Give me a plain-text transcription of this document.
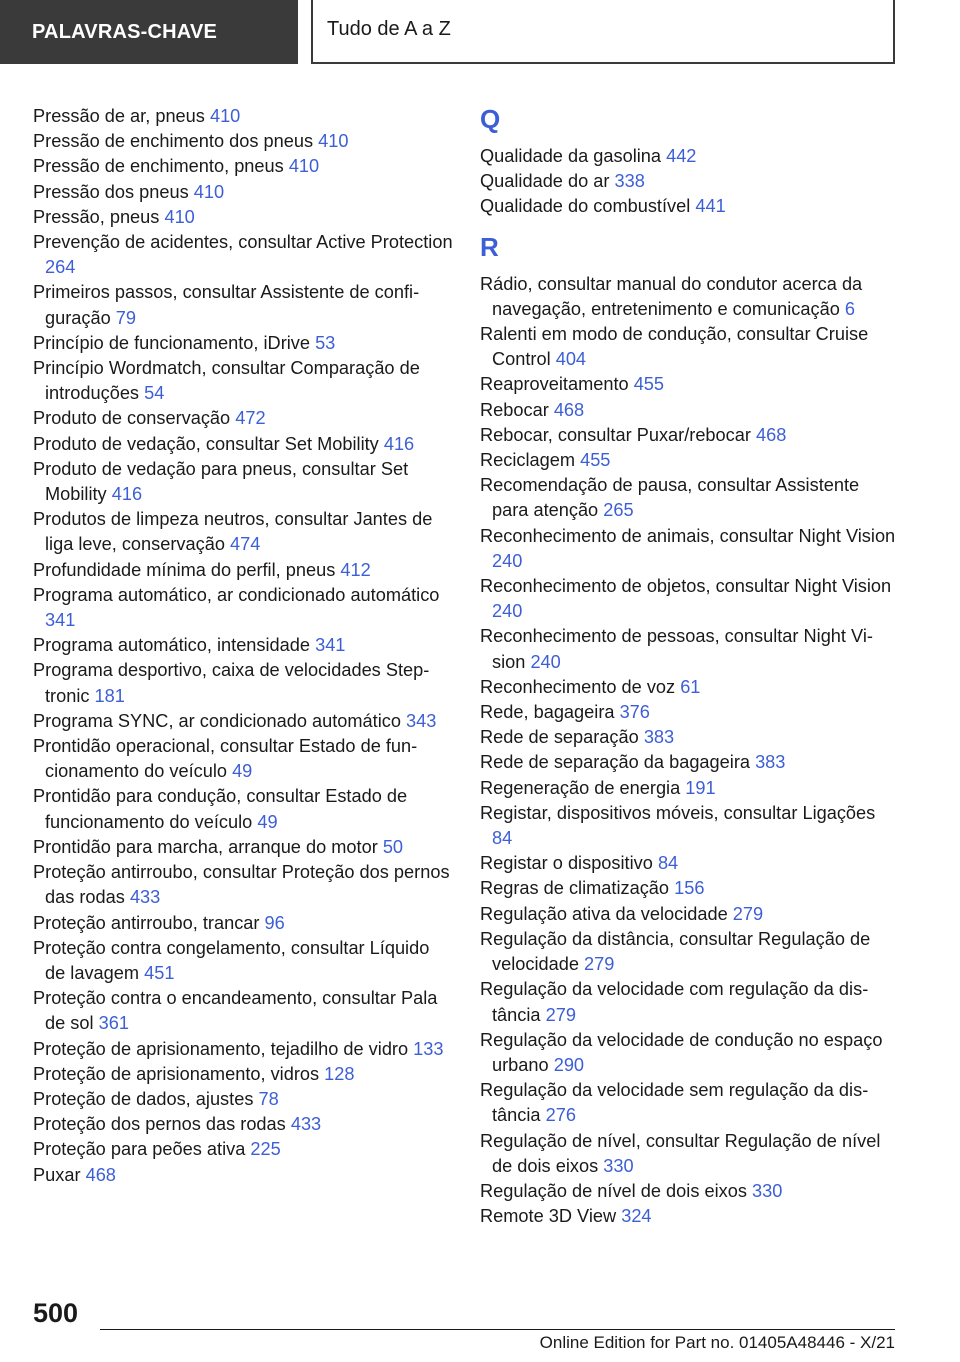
PALAVRAS-CHAVE	Tudo de A a Z
Pressão de ar, pneus 410
Pressão de enchimento dos pneus 410
Pressão de enchimento, pneus 410
Pressão dos pneus 410
Pressão, pneus 410
Prevenção de acidentes, consultar Active Protection 264
Primeiros passos, consultar Assistente de configuração 79
Princípio de funcionamento, iDrive 53
Princípio Wordmatch, consultar Comparação de introduções 54
Produto de conservação 472
Produto de vedação, consultar Set Mobility 416
Produto de vedação para pneus, consultar Set Mobility 416
Produtos de limpeza neutros, consultar Jantes de liga leve, conservação 474
Profundidade mínima do perfil, pneus 412
Programa automático, ar condicionado automático 341
Programa automático, intensidade 341
Programa desportivo, caixa de velocidades Steptronic 181
Programa SYNC, ar condicionado automático 343
Prontidão operacional, consultar Estado de funcionamento do veículo 49
Prontidão para condução, consultar Estado de funcionamento do veículo 49
Prontidão para marcha, arranque do motor 50
Proteção antirroubo, consultar Proteção dos pernos das rodas 433
Proteção antirroubo, trancar 96
Proteção contra congelamento, consultar Líquido de lavagem 451
Proteção contra o encandeamento, consultar Pala de sol 361
Proteção de aprisionamento, tejadilho de vidro 133
Proteção de aprisionamento, vidros 128
Proteção de dados, ajustes 78
Proteção dos pernos das rodas 433
Proteção para peões ativa 225
Puxar 468
Q
Qualidade da gasolina 442
Qualidade do ar 338
Qualidade do combustível 441
R
Rádio, consultar manual do condutor acerca da navegação, entretenimento e comunicação 6
Ralenti em modo de condução, consultar Cruise Control 404
Reaproveitamento 455
Rebocar 468
Rebocar, consultar Puxar/rebocar 468
Reciclagem 455
Recomendação de pausa, consultar Assistente para atenção 265
Reconhecimento de animais, consultar Night Vision 240
Reconhecimento de objetos, consultar Night Vision 240
Reconhecimento de pessoas, consultar Night Vision 240
Reconhecimento de voz 61
Rede, bagageira 376
Rede de separação 383
Rede de separação da bagageira 383
Regeneração de energia 191
Registar, dispositivos móveis, consultar Ligações 84
Registar o dispositivo 84
Regras de climatização 156
Regulação ativa da velocidade 279
Regulação da distância, consultar Regulação de velocidade 279
Regulação da velocidade com regulação da distância 279
Regulação da velocidade de condução no espaço urbano 290
Regulação da velocidade sem regulação da distância 276
Regulação de nível, consultar Regulação de nível de dois eixos 330
Regulação de nível de dois eixos 330
Remote 3D View 324
500
Online Edition for Part no. 01405A48446 - X/21
